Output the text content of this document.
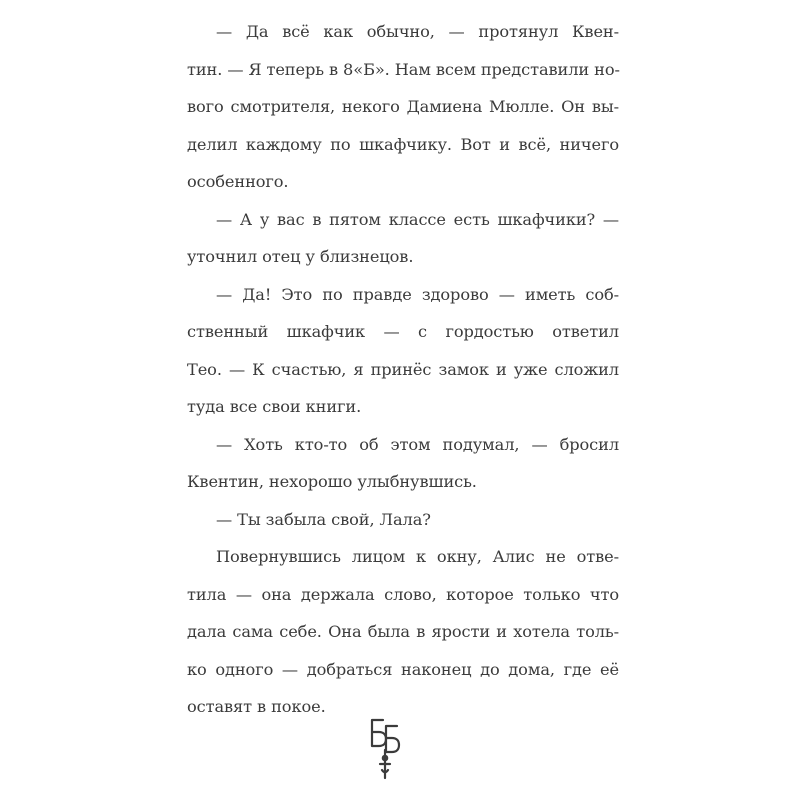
— Да всё как обычно, — протянул Квен-
тин. — Я теперь в 8«Б». Нам всем представили но-
вого смотрителя, некого Дамиена Мюлле. Он вы-
делил каждому по шкафчику. Вот и всё, ничего
особенного.
— А у вас в пятом классе есть шкафчики? —
уточнил отец у близнецов.
— Да! Это по правде здорово — иметь соб-
ственный шкафчик — с гордостью ответил
Тео. — К счастью, я принёс замок и уже сложил
туда все свои книги.
— Хоть кто-то об этом подумал, — бросил
Квентин, нехорошо улыбнувшись.
— Ты забыла свой, Лала?
Повернувшись лицом к окну, Алис не отве-
тила — она держала слово, которое только что
дала сама себе. Она была в ярости и хотела толь-
ко одного — добраться наконец до дома, где её
оставят в покое.
